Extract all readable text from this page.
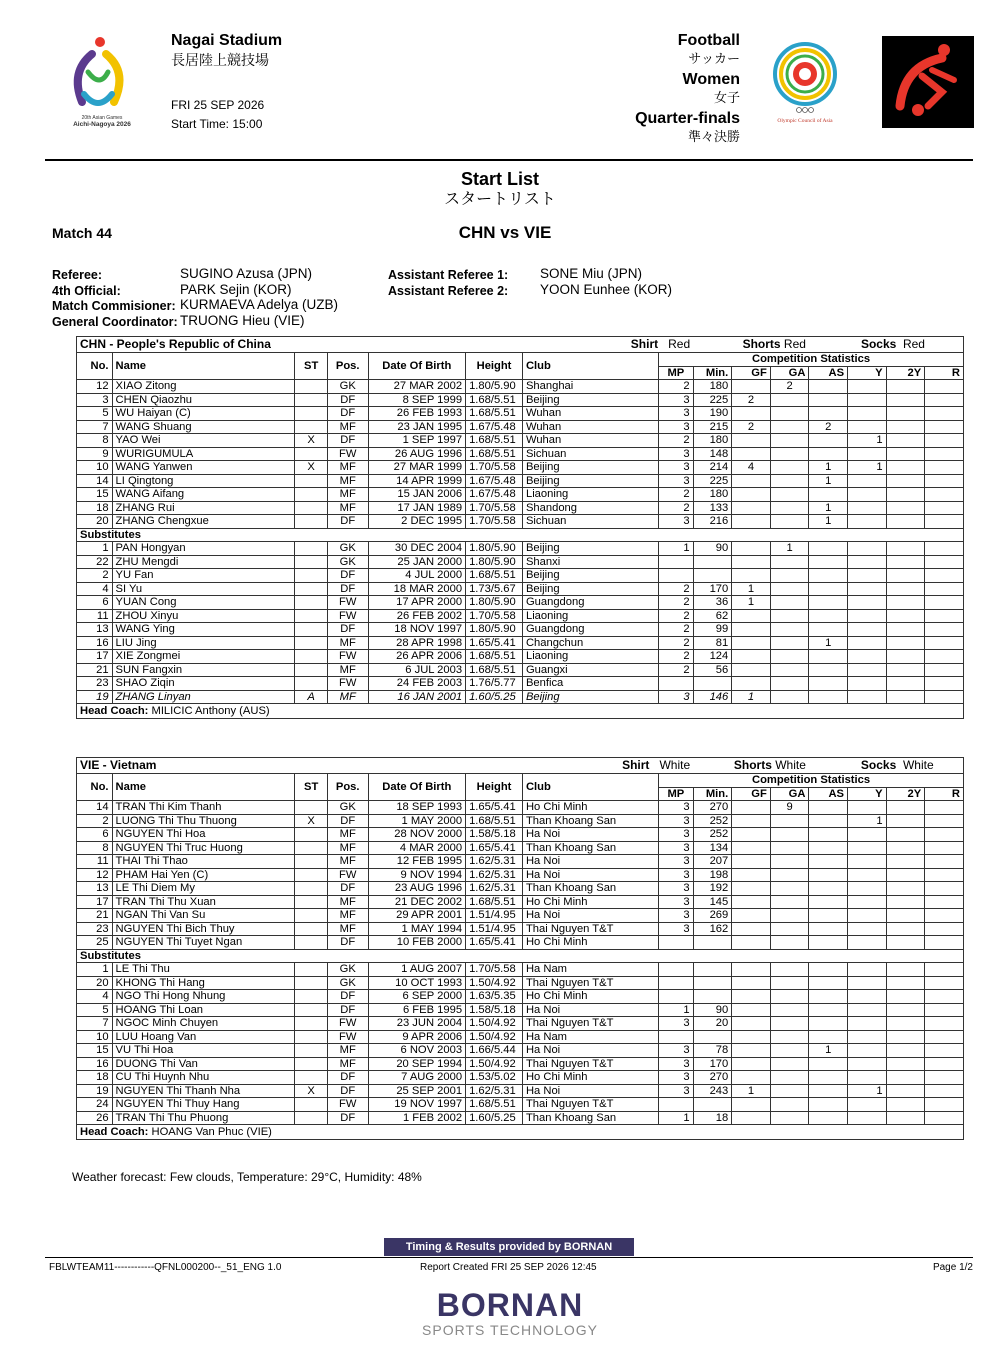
20th Asian Games
Aichi-Nagoya 2026
Nagai Stadium
長居陸上競技場
FRI 25 SEP 2026
Start Time: 15:00
Football
サッカー
Women
女子
Quarter-finals
準々決勝
Olympic Council of Asia
Start List
スタートリスト
Match 44	CHN vs VIE
Referee:
4th Official:
Match Commisioner:
General Coordinator:
SUGINO Azusa (JPN)
PARK Sejin (KOR)
KURMAEVA Adelya (UZB)
TRUONG Hieu (VIE)
Assistant Referee 1:
Assistant Referee 2:
SONE Miu (JPN)
YOON Eunhee (KOR)
CHN - People's Republic of China					Shirt Red			Shorts Red			Socks Red			
No.	Name	ST	Pos.	Date Of Birth	Height	Club	Competition Statistics							
							MP	Min.	GF	GA	AS	Y	2Y	R
12	XIAO Zitong		GK	27 MAR 2002	1.80/5.90	Shanghai	2	180		2				
3	CHEN Qiaozhu		DF	8 SEP 1999	1.68/5.51	Beijing	3	225	2					
5	WU Haiyan (C)		DF	26 FEB 1993	1.68/5.51	Wuhan	3	190						
7	WANG Shuang		MF	23 JAN 1995	1.67/5.48	Wuhan	3	215	2		2			
8	YAO Wei	X	DF	1 SEP 1997	1.68/5.51	Wuhan	2	180				1		
9	WURIGUMULA		FW	26 AUG 1996	1.68/5.51	Sichuan	3	148						
10	WANG Yanwen	X	MF	27 MAR 1999	1.70/5.58	Beijing	3	214	4		1	1		
14	LI Qingtong		MF	14 APR 1999	1.67/5.48	Beijing	3	225			1			
15	WANG Aifang		MF	15 JAN 2006	1.67/5.48	Liaoning	2	180						
18	ZHANG Rui		MF	17 JAN 1989	1.70/5.58	Shandong	2	133			1			
20	ZHANG Chengxue		DF	2 DEC 1995	1.70/5.58	Sichuan	3	216			1			
Substitutes														
1	PAN Hongyan		GK	30 DEC 2004	1.80/5.90	Beijing	1	90		1				
22	ZHU Mengdi		GK	25 JAN 2000	1.80/5.90	Shanxi								
2	YU Fan		DF	4 JUL 2000	1.68/5.51	Beijing								
4	SI Yu		DF	18 MAR 2000	1.73/5.67	Beijing	2	170	1					
6	YUAN Cong		FW	17 APR 2000	1.80/5.90	Guangdong	2	36	1					
11	ZHOU Xinyu		FW	26 FEB 2002	1.70/5.58	Liaoning	2	62						
13	WANG Ying		DF	18 NOV 1997	1.80/5.90	Guangdong	2	99						
16	LIU Jing		MF	28 APR 1998	1.65/5.41	Changchun	2	81			1			
17	XIE Zongmei		FW	26 APR 2006	1.68/5.51	Liaoning	2	124						
21	SUN Fangxin		MF	6 JUL 2003	1.68/5.51	Guangxi	2	56						
23	SHAO Ziqin		FW	24 FEB 2003	1.76/5.77	Benfica								
19	ZHANG Linyan	A	MF	16 JAN 2001	1.60/5.25	Beijing	3	146	1					
Head Coach: MILICIC Anthony (AUS)														
VIE - Vietnam					Shirt White			Shorts White			Socks White			
No.	Name	ST	Pos.	Date Of Birth	Height	Club	Competition Statistics							
							MP	Min.	GF	GA	AS	Y	2Y	R
14	TRAN Thi Kim Thanh		GK	18 SEP 1993	1.65/5.41	Ho Chi Minh	3	270		9				
2	LUONG Thi Thu Thuong	X	DF	1 MAY 2000	1.68/5.51	Than Khoang San	3	252				1		
6	NGUYEN Thi Hoa		MF	28 NOV 2000	1.58/5.18	Ha Noi	3	252						
8	NGUYEN Thi Truc Huong		MF	4 MAR 2000	1.65/5.41	Than Khoang San	3	134						
11	THAI Thi Thao		MF	12 FEB 1995	1.62/5.31	Ha Noi	3	207						
12	PHAM Hai Yen (C)		FW	9 NOV 1994	1.62/5.31	Ha Noi	3	198						
13	LE Thi Diem My		DF	23 AUG 1996	1.62/5.31	Than Khoang San	3	192						
17	TRAN Thi Thu Xuan		MF	21 DEC 2002	1.68/5.51	Ho Chi Minh	3	145						
21	NGAN Thi Van Su		MF	29 APR 2001	1.51/4.95	Ha Noi	3	269						
23	NGUYEN Thi Bich Thuy		MF	1 MAY 1994	1.51/4.95	Thai Nguyen T&T	3	162						
25	NGUYEN Thi Tuyet Ngan		DF	10 FEB 2000	1.65/5.41	Ho Chi Minh								
Substitutes														
1	LE Thi Thu		GK	1 AUG 2007	1.70/5.58	Ha Nam								
20	KHONG Thi Hang		GK	10 OCT 1993	1.50/4.92	Thai Nguyen T&T								
4	NGO Thi Hong Nhung		DF	6 SEP 2000	1.63/5.35	Ho Chi Minh								
5	HOANG Thi Loan		DF	6 FEB 1995	1.58/5.18	Ha Noi	1	90						
7	NGOC Minh Chuyen		FW	23 JUN 2004	1.50/4.92	Thai Nguyen T&T	3	20						
10	LUU Hoang Van		FW	9 APR 2006	1.50/4.92	Ha Nam								
15	VU Thi Hoa		MF	6 NOV 2003	1.66/5.44	Ha Noi	3	78			1			
16	DUONG Thi Van		MF	20 SEP 1994	1.50/4.92	Thai Nguyen T&T	3	170						
18	CU Thi Huynh Nhu		DF	7 AUG 2000	1.53/5.02	Ho Chi Minh	3	270						
19	NGUYEN Thi Thanh Nha	X	DF	25 SEP 2001	1.62/5.31	Ha Noi	3	243	1			1		
24	NGUYEN Thi Thuy Hang		FW	19 NOV 1997	1.68/5.51	Thai Nguyen T&T								
26	TRAN Thi Thu Phuong		DF	1 FEB 2002	1.60/5.25	Than Khoang San	1	18						
Head Coach: HOANG Van Phuc (VIE)														
Weather forecast: Few clouds, Temperature: 29°C, Humidity: 48%
Timing & Results provided by BORNAN
FBLWTEAM11------------QFNL000200--_51_ENG 1.0	Report Created FRI 25 SEP 2026 12:45	Page 1/2
BORNAN
SPORTS TECHNOLOGY
